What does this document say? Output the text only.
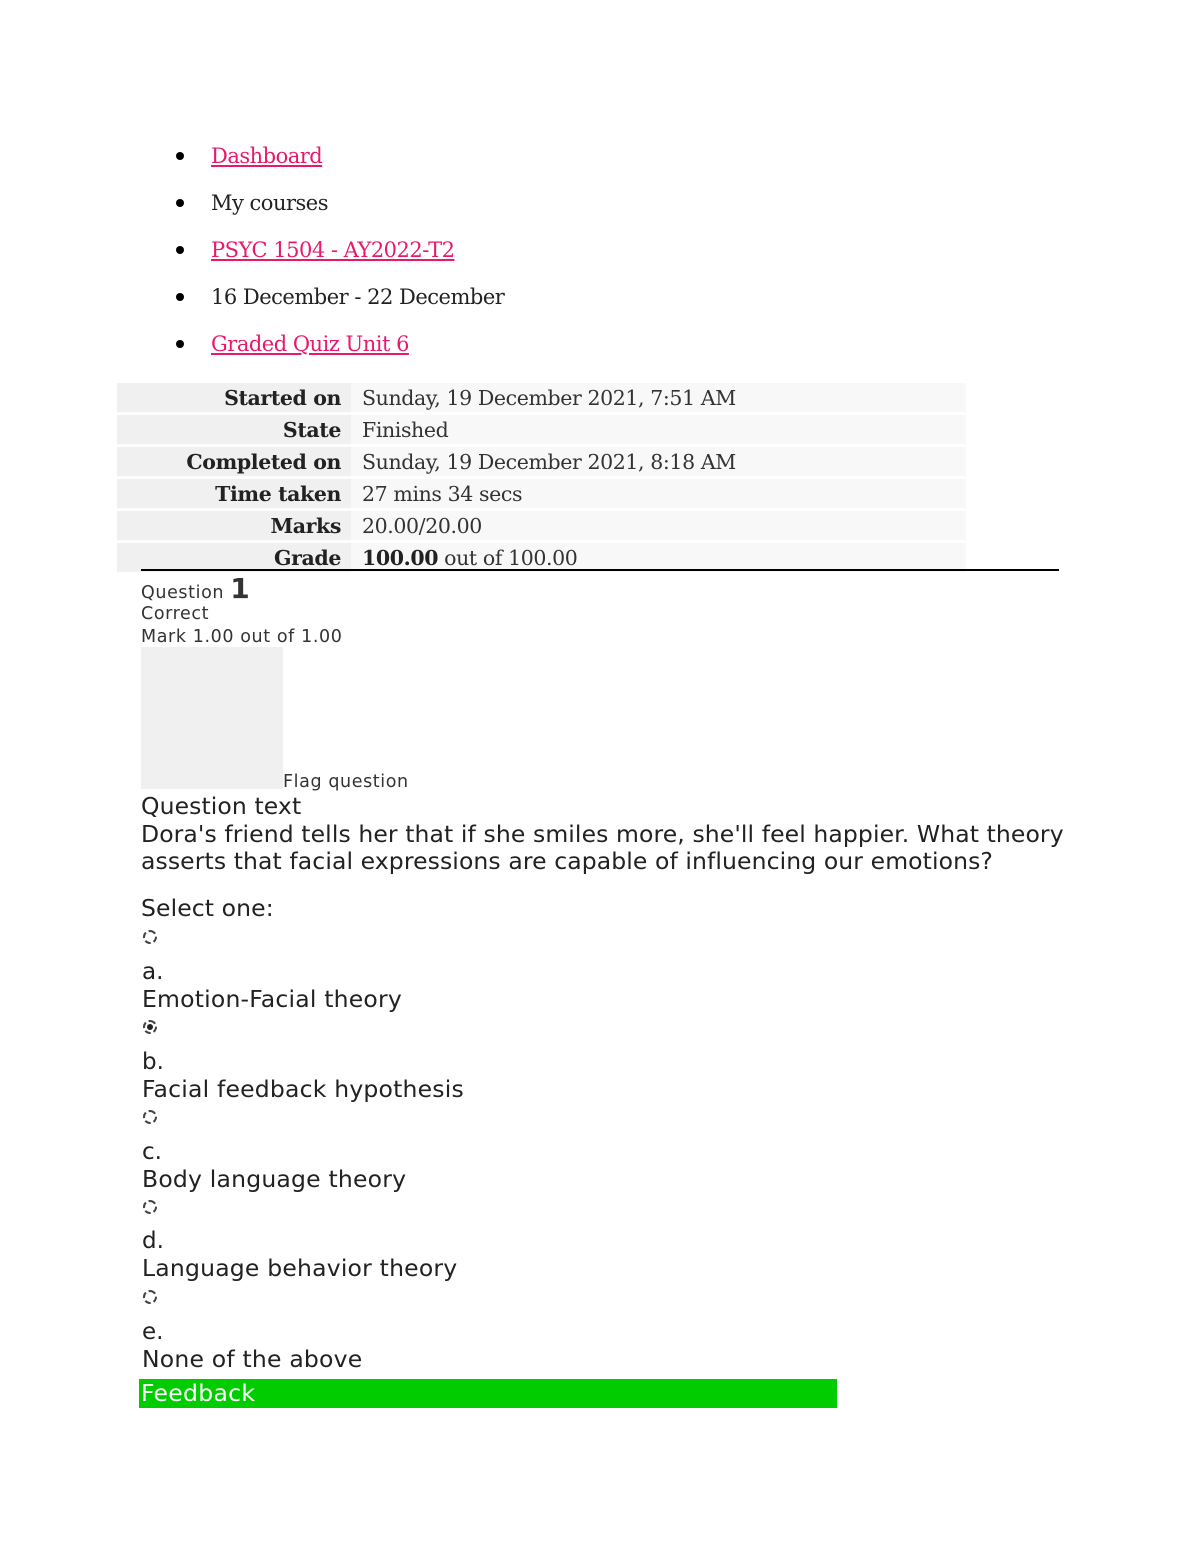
Dashboard
My courses
PSYC 1504 - AY2022-T2
16 December - 22 December
Graded Quiz Unit 6
Started on	Sunday, 19 December 2021, 7:51 AM
State	Finished
Completed on	Sunday, 19 December 2021, 8:18 AM
Time taken	27 mins 34 secs
Marks	20.00/20.00
Grade	100.00 out of 100.00
Question 1
Correct
Mark 1.00 out of 1.00
Flag question
Question text
Dora's friend tells her that if she smiles more, she'll feel happier. What theory asserts that facial expressions are capable of influencing our emotions?
Select one:
a.
Emotion-Facial theory
b.
Facial feedback hypothesis
c.
Body language theory
d.
Language behavior theory
e.
None of the above
Feedback
